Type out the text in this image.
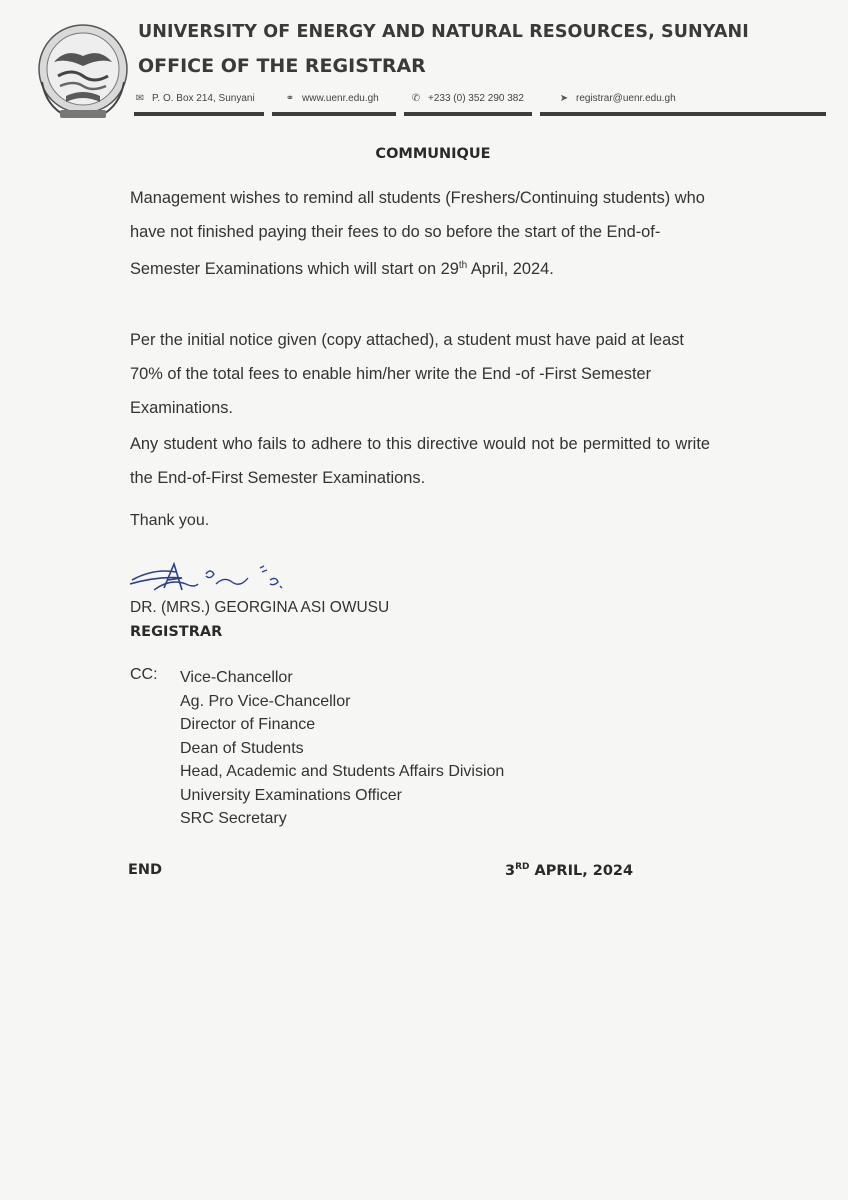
UNIVERSITY OF ENERGY AND NATURAL RESOURCES, SUNYANI
OFFICE OF THE REGISTRAR
✉ P. O. Box 214, Sunyani	⚭ www.uenr.edu.gh	✆ +233 (0) 352 290 382	➤ registrar@uenr.edu.gh
COMMUNIQUE

Management wishes to remind all students (Freshers/Continuing students) who have not finished paying their fees to do so before the start of the End-of-Semester Examinations which will start on 29th April, 2024.

Per the initial notice given (copy attached), a student must have paid at least 70% of the total fees to enable him/her write the End -of -First Semester Examinations.

Any student who fails to adhere to this directive would not be permitted to write the End-of-First Semester Examinations.

Thank you.
DR. (MRS.) GEORGINA ASI OWUSU
REGISTRAR
CC: Vice-Chancellor
Ag. Pro Vice-Chancellor
Director of Finance
Dean of Students
Head, Academic and Students Affairs Division
University Examinations Officer
SRC Secretary
END	3RD APRIL, 2024
